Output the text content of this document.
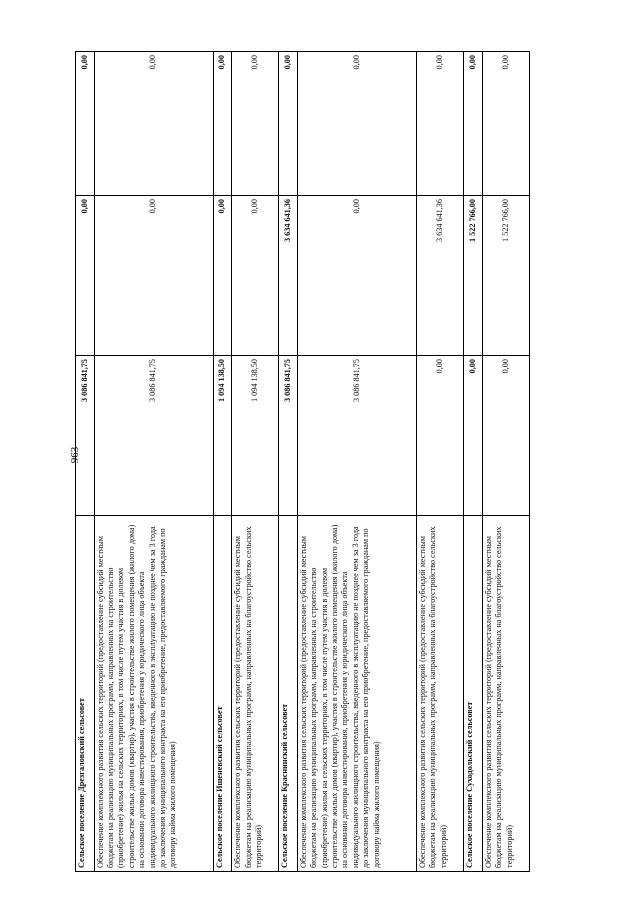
963
Сельское поселение Дрезгаловский сельсовет	3 086 841,75	0,00	0,00
Обеспечение комплексного развития сельских территорий (предоставление субсидий местным бюджетам на реализацию муниципальных программ, направленных на строительство (приобретение) жилья на сельских территориях, в том числе путем участия в долевом строительстве жилых домов (квартир), участия в строительстве жилого помещения (жилого дома) на основании договора инвестирования, приобретения у юридического лица объекта индивидуального жилищного строительства, введенного в эксплуатацию не позднее чем за 3 года до заключения муниципального контракта на его приобретение, предоставляемого гражданам по договору найма жилого помещения)	3 086 841,75	0,00	0,00
Сельское поселение Ишеневский сельсовет	1 094 138,50	0,00	0,00
Обеспечение комплексного развития сельских территорий (предоставление субсидий местным бюджетам на реализацию муниципальных программ, направленных на благоустройство сельских территорий)	1 094 138,50	0,00	0,00
Сельское поселение Краснинский сельсовет	3 086 841,75	3 634 641,36	0,00
Обеспечение комплексного развития сельских территорий (предоставление субсидий местным бюджетам на реализацию муниципальных программ, направленных на строительство (приобретение) жилья на сельских территориях, в том числе путем участия в долевом строительстве жилых домов (квартир), участия в строительстве жилого помещения (жилого дома) на основании договора инвестирования, приобретения у юридического лица объекта индивидуального жилищного строительства, введенного в эксплуатацию не позднее чем за 3 года до заключения муниципального контракта на его приобретение, предоставляемого гражданам по договору найма жилого помещения)	3 086 841,75	0,00	0,00
Обеспечение комплексного развития сельских территорий (предоставление субсидий местным бюджетам на реализацию муниципальных программ, направленных на благоустройство сельских территорий)	0,00	3 634 641,36	0,00
Сельское поселение Суходольский сельсовет	0,00	1 522 766,00	0,00
Обеспечение комплексного развития сельских территорий (предоставление субсидий местным бюджетам на реализацию муниципальных программ, направленных на благоустройство сельских территорий)	0,00	1 522 766,00	0,00
